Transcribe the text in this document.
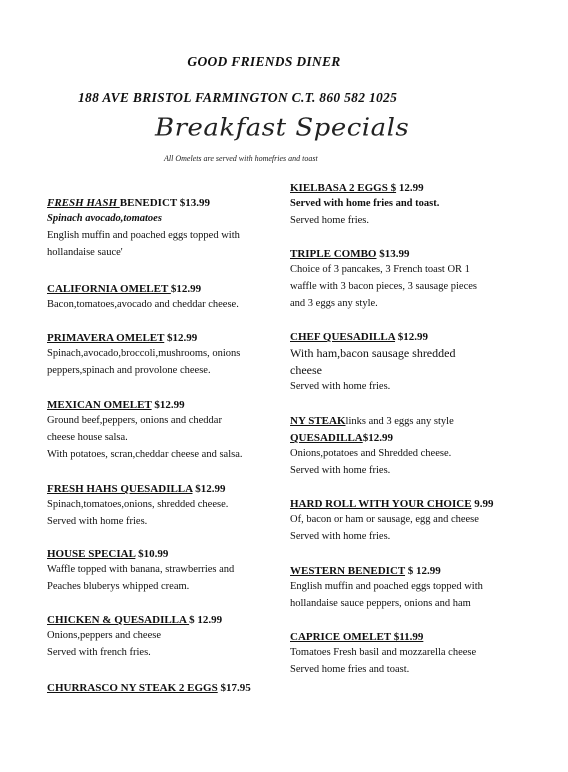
GOOD FRIENDS DINER
188 AVE BRISTOL FARMINGTON C.T. 860 582 1025
Breakfast Specials
All Omelets are served with homefries and toast
FRESH HASH BENEDICT $13.99
Spinach avocado,tomatoes
English muffin and poached eggs topped with
hollandaise sauce'
CALIFORNIA OMELET $12.99
Bacon,tomatoes,avocado and cheddar cheese.
PRIMAVERA OMELET $12.99
Spinach,avocado,broccoli,mushrooms, onions
peppers,spinach and provolone cheese.
MEXICAN OMELET $12.99
Ground beef,peppers, onions and cheddar
cheese house salsa.
With potatoes, scran,cheddar cheese and salsa.
FRESH HAHS QUESADILLA $12.99
Spinach,tomatoes,onions, shredded cheese.
Served with home fries.
HOUSE SPECIAL $10.99
Waffle topped with banana, strawberries and
Peaches bluberys whipped cream.
CHICKEN & QUESADILLA $ 12.99
Onions,peppers and cheese
Served with french fries.
CHURRASCO NY STEAK 2 EGGS $17.95
KIELBASA 2 EGGS $ 12.99
Served with home fries and toast.
Served home fries.
TRIPLE COMBO $13.99
Choice of 3 pancakes, 3 French toast OR 1
waffle with 3 bacon pieces, 3 sausage pieces
and 3 eggs any style.
CHEF QUESADILLA $12.99
With ham,bacon sausage shredded
cheese
Served with home fries.
NY STEAKlinks and 3 eggs any style
QUESADILLA$12.99
Onions,potatoes and Shredded cheese.
Served with home fries.
HARD ROLL WITH YOUR CHOICE 9.99
Of, bacon or ham or sausage, egg and cheese
Served with home fries.
WESTERN BENEDICT $ 12.99
English muffin and poached eggs topped with
hollandaise sauce peppers, onions and ham
CAPRICE OMELET $11.99
Tomatoes Fresh basil and mozzarella cheese
Served home fries and toast.
